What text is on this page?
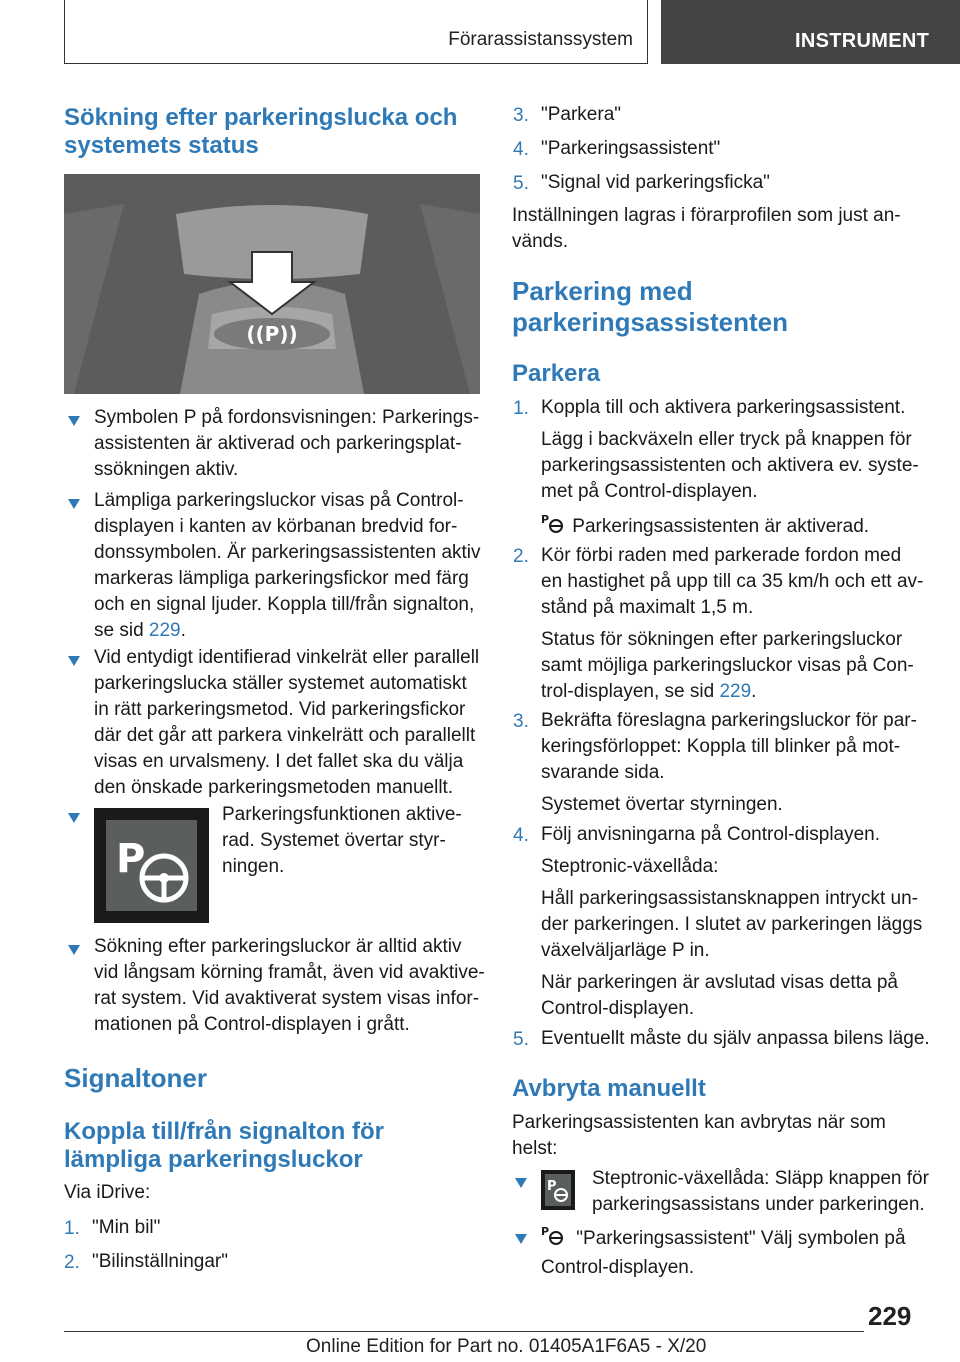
Förarassistanssystem	INSTRUMENT
Sökning efter parkeringslucka och
systemets status
((P))
Symbolen P på fordonsvisningen: Parkerings‐
assistenten är aktiverad och parkeringsplat‐
ssökningen aktiv.
Lämpliga parkeringsluckor visas på Control-
displayen i kanten av körbanan bredvid for‐
donssymbolen. Är parkeringsassistenten aktiv
markeras lämpliga parkeringsfickor med färg
och en signal ljuder. Koppla till/från signalton,
se sid 229.
Vid entydigt identifierad vinkelrät eller parallell
parkeringslucka ställer systemet automatiskt
in rätt parkeringsmetod. Vid parkeringsfickor
där det går att parkera vinkelrätt och parallellt
visas en urvalsmeny. I det fallet ska du välja
den önskade parkeringsmetoden manuellt.
P
Parkeringsfunktionen aktive‐
rad. Systemet övertar styr‐
ningen.
Sökning efter parkeringsluckor är alltid aktiv
vid långsam körning framåt, även vid avaktive‐
rat system. Vid avaktiverat system visas infor‐
mationen på Control-displayen i grått.
Signaltoner
Koppla till/från signalton för
lämpliga parkeringsluckor
Via iDrive:
1. "Min bil"
2. "Bilinställningar"
3. "Parkera"
4. "Parkeringsassistent"
5. "Signal vid parkeringsficka"
Inställningen lagras i förarprofilen som just an‐
vänds.
Parkering med
parkeringsassistenten
Parkera
1. Koppla till och aktivera parkeringsassistent.
Lägg i backväxeln eller tryck på knappen för
parkeringsassistenten och aktivera ev. syste‐
met på Control-displayen.
P Parkeringsassistenten är aktiverad.
2. Kör förbi raden med parkerade fordon med
en hastighet på upp till ca 35 km/h och ett av‐
stånd på maximalt 1,5 m.
Status för sökningen efter parkeringsluckor
samt möjliga parkeringsluckor visas på Con‐
trol-displayen, se sid 229.
3. Bekräfta föreslagna parkeringsluckor för par‐
keringsförloppet: Koppla till blinker på mot‐
svarande sida.
Systemet övertar styrningen.
4. Följ anvisningarna på Control-displayen.
Steptronic-växellåda:
Håll parkeringsassistansknappen intryckt un‐
der parkeringen. I slutet av parkeringen läggs
växelväljarläge P in.
När parkeringen är avslutad visas detta på
Control-displayen.
5. Eventuellt måste du själv anpassa bilens läge.
Avbryta manuellt
Parkeringsassistenten kan avbrytas när som
helst:
P Steptronic-växellåda: Släpp knappen för
parkeringsassistans under parkeringen.
P "Parkeringsassistent" Välj symbolen på
Control-displayen.
229
Online Edition for Part no. 01405A1F6A5 - X/20
